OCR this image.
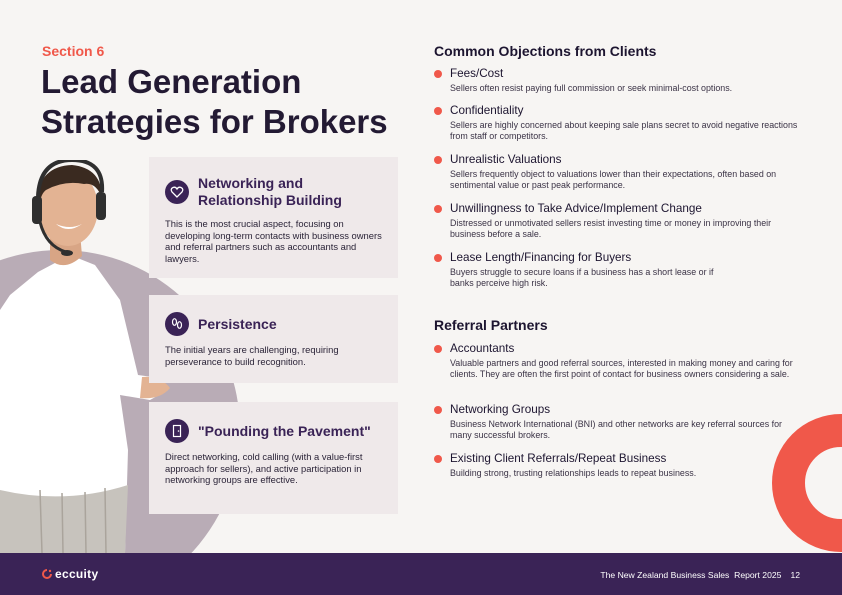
Section 6
Lead Generation Strategies for Brokers
Networking and Relationship Building

This is the most crucial aspect, focusing on developing long-term contacts with business owners and referral partners such as accountants and lawyers.

Persistence

The initial years are challenging, requiring perseverance to build recognition.

"Pounding the Pavement"

Direct networking, cold calling (with a value-first approach for sellers), and active participation in networking groups are effective.

Common Objections from Clients
Fees/Cost
Sellers often resist paying full commission or seek minimal-cost options.
Confidentiality
Sellers are highly concerned about keeping sale plans secret to avoid negative reactions from staff or competitors.
Unrealistic Valuations
Sellers frequently object to valuations lower than their expectations, often based on sentimental value or past peak performance.
Unwillingness to Take Advice/Implement Change
Distressed or unmotivated sellers resist investing time or money in improving their business before a sale.
Lease Length/Financing for Buyers
Buyers struggle to secure loans if a business has a short lease or if banks perceive high risk.
Referral Partners
Accountants
Valuable partners and good referral sources, interested in making money and caring for clients. They are often the first point of contact for business owners considering a sale.
Networking Groups
Business Network International (BNI) and other networks are key referral sources for many successful brokers.
Existing Client Referrals/Repeat Business
Building strong, trusting relationships leads to repeat business.
eccuity	The New Zealand Business Sales  Report 2025 12
